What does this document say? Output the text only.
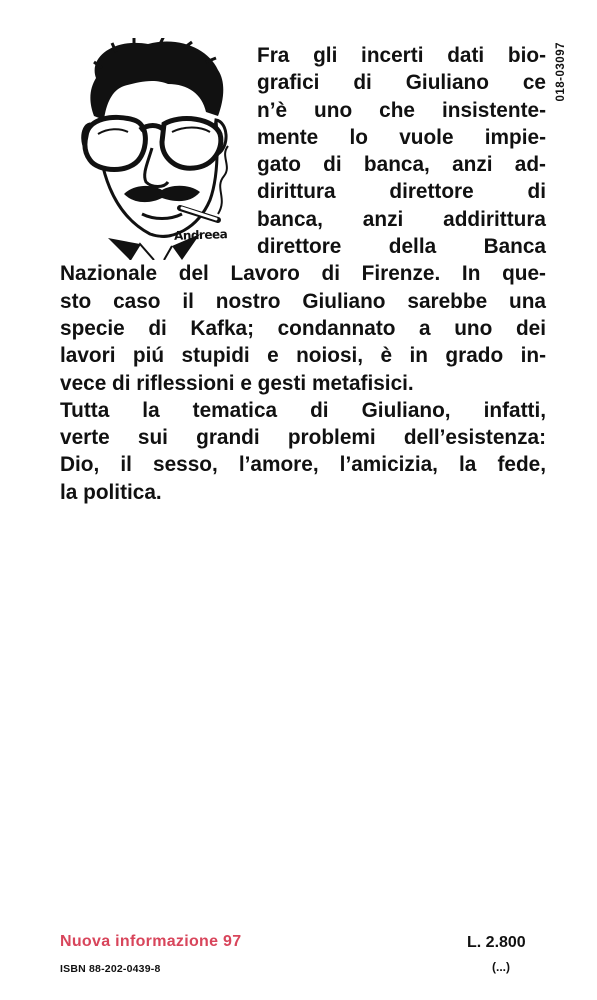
Andreea
018-03097
Fra gli incerti dati bio-
grafici di Giuliano ce
n’è uno che insistente-
mente lo vuole impie-
gato di banca, anzi ad-
dirittura direttore di
banca, anzi addirittura
direttore della Banca
Nazionale del Lavoro di Firenze. In que-
sto caso il nostro Giuliano sarebbe una
specie di Kafka; condannato a uno dei
lavori piú stupidi e noiosi, è in grado in-
vece di riflessioni e gesti metafisici.
Tutta la tematica di Giuliano, infatti,
verte sui grandi problemi dell’esistenza:
Dio, il sesso, l’amore, l’amicizia, la fede,
la politica.
Nuova informazione 97
ISBN 88-202-0439-8
L. 2.800
(...)
